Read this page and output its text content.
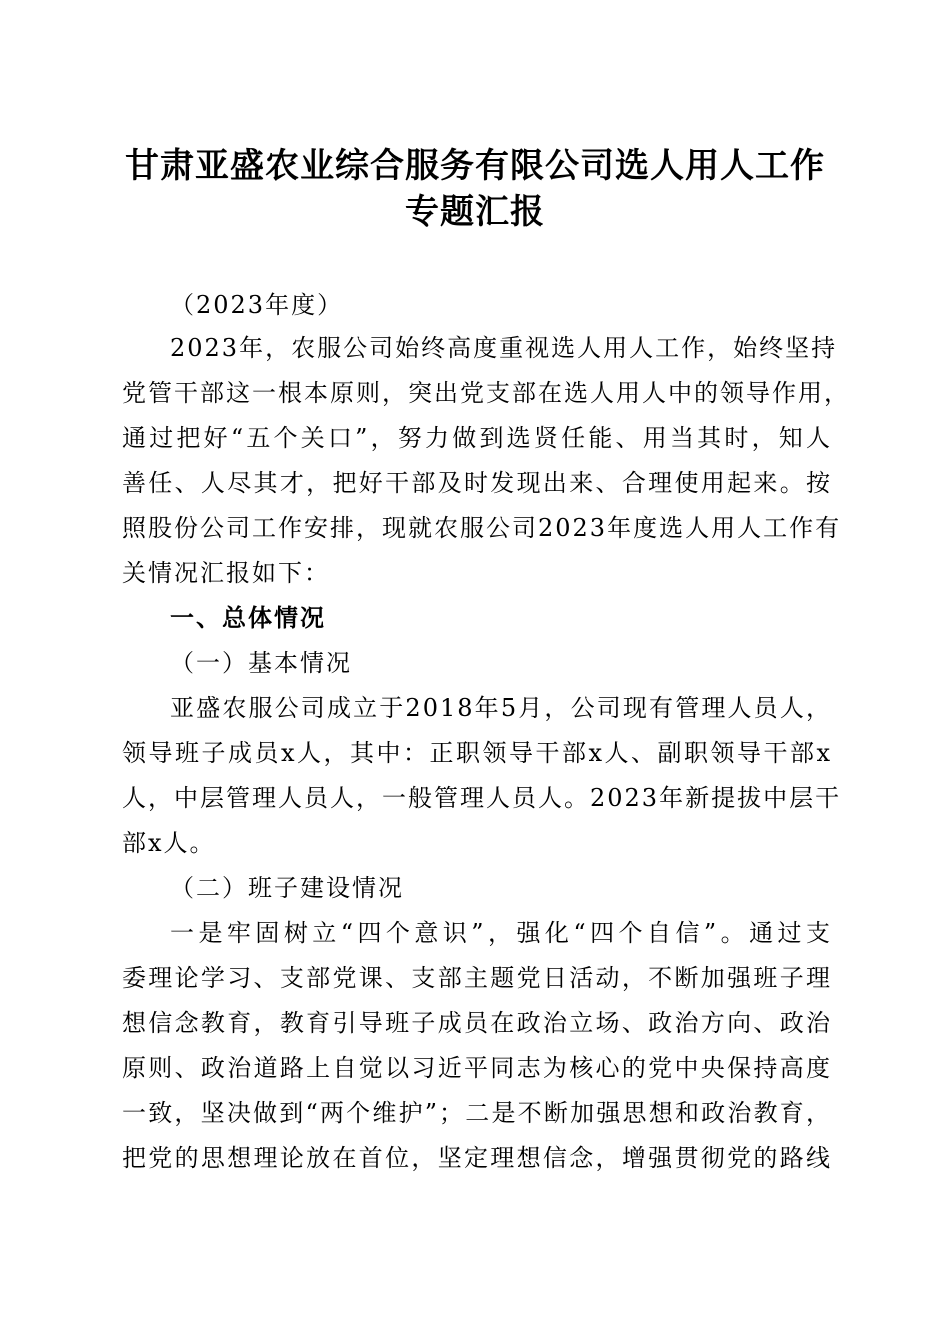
甘肃亚盛农业综合服务有限公司选人用人工作
专题汇报
（2023年度）
2023年，农服公司始终高度重视选人用人工作，始终坚持
党管干部这一根本原则，突出党支部在选人用人中的领导作用，
通过把好“五个关口”，努力做到选贤任能、用当其时，知人
善任、人尽其才，把好干部及时发现出来、合理使用起来。按
照股份公司工作安排，现就农服公司2023年度选人用人工作有
关情况汇报如下：
一、总体情况
（一）基本情况
亚盛农服公司成立于2018年5月，公司现有管理人员人，
领导班子成员x人，其中：正职领导干部x人、副职领导干部x
人，中层管理人员人，一般管理人员人。2023年新提拔中层干
部x人。
（二）班子建设情况
一是牢固树立“四个意识”，强化“四个自信”。通过支
委理论学习、支部党课、支部主题党日活动，不断加强班子理
想信念教育，教育引导班子成员在政治立场、政治方向、政治
原则、政治道路上自觉以习近平同志为核心的党中央保持高度
一致，坚决做到“两个维护”；二是不断加强思想和政治教育，
把党的思想理论放在首位，坚定理想信念，增强贯彻党的路线
